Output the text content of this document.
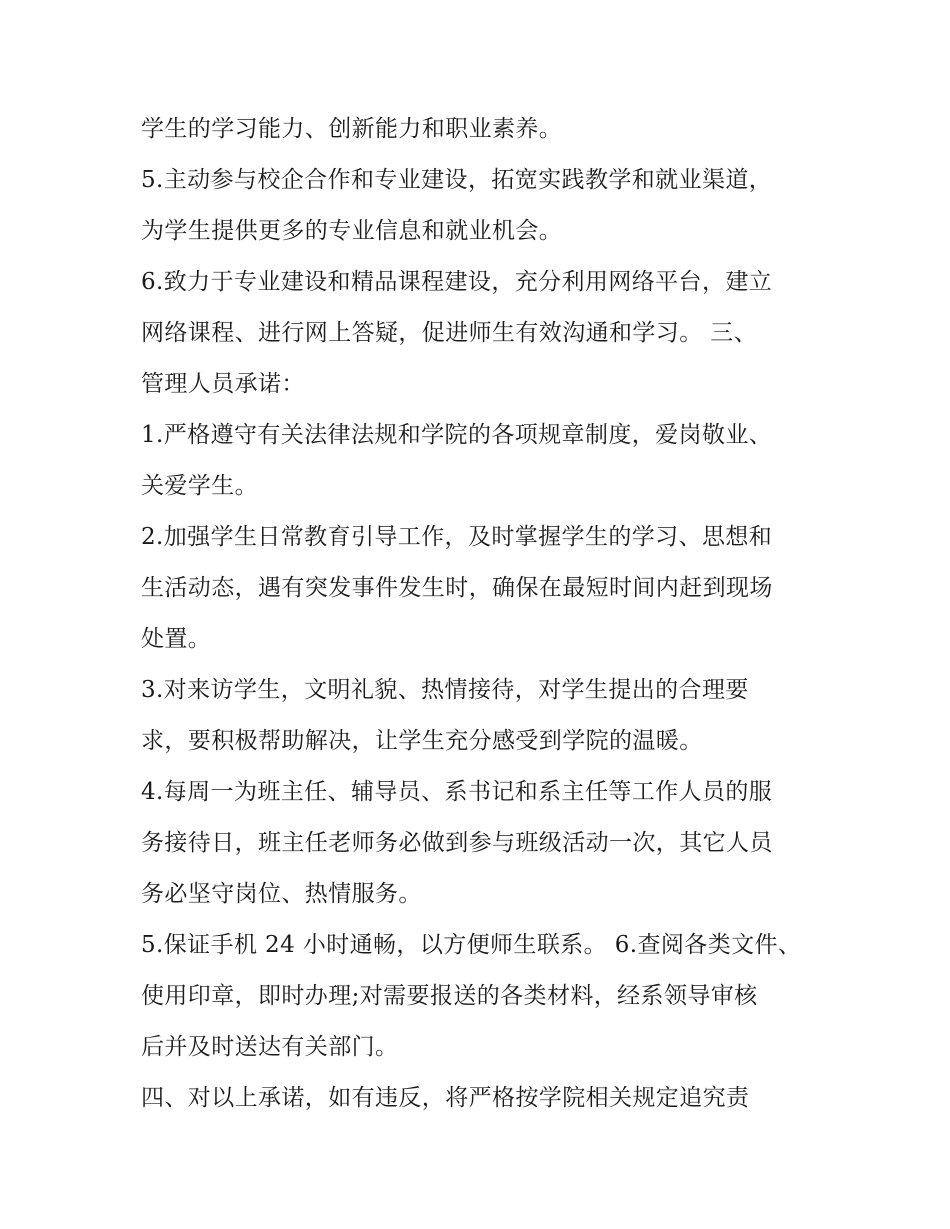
学生的学习能力、创新能力和职业素养。
5.主动参与校企合作和专业建设，拓宽实践教学和就业渠道，
为学生提供更多的专业信息和就业机会。
6.致力于专业建设和精品课程建设，充分利用网络平台，建立
网络课程、进行网上答疑，促进师生有效沟通和学习。 三、
管理人员承诺：
1.严格遵守有关法律法规和学院的各项规章制度，爱岗敬业、
关爱学生。
2.加强学生日常教育引导工作，及时掌握学生的学习、思想和
生活动态，遇有突发事件发生时，确保在最短时间内赶到现场
处置。
3.对来访学生，文明礼貌、热情接待，对学生提出的合理要
求，要积极帮助解决，让学生充分感受到学院的温暖。
4.每周一为班主任、辅导员、系书记和系主任等工作人员的服
务接待日，班主任老师务必做到参与班级活动一次，其它人员
务必坚守岗位、热情服务。
5.保证手机 24 小时通畅，以方便师生联系。 6.查阅各类文件、
使用印章，即时办理;对需要报送的各类材料，经系领导审核
后并及时送达有关部门。
四、对以上承诺，如有违反，将严格按学院相关规定追究责
